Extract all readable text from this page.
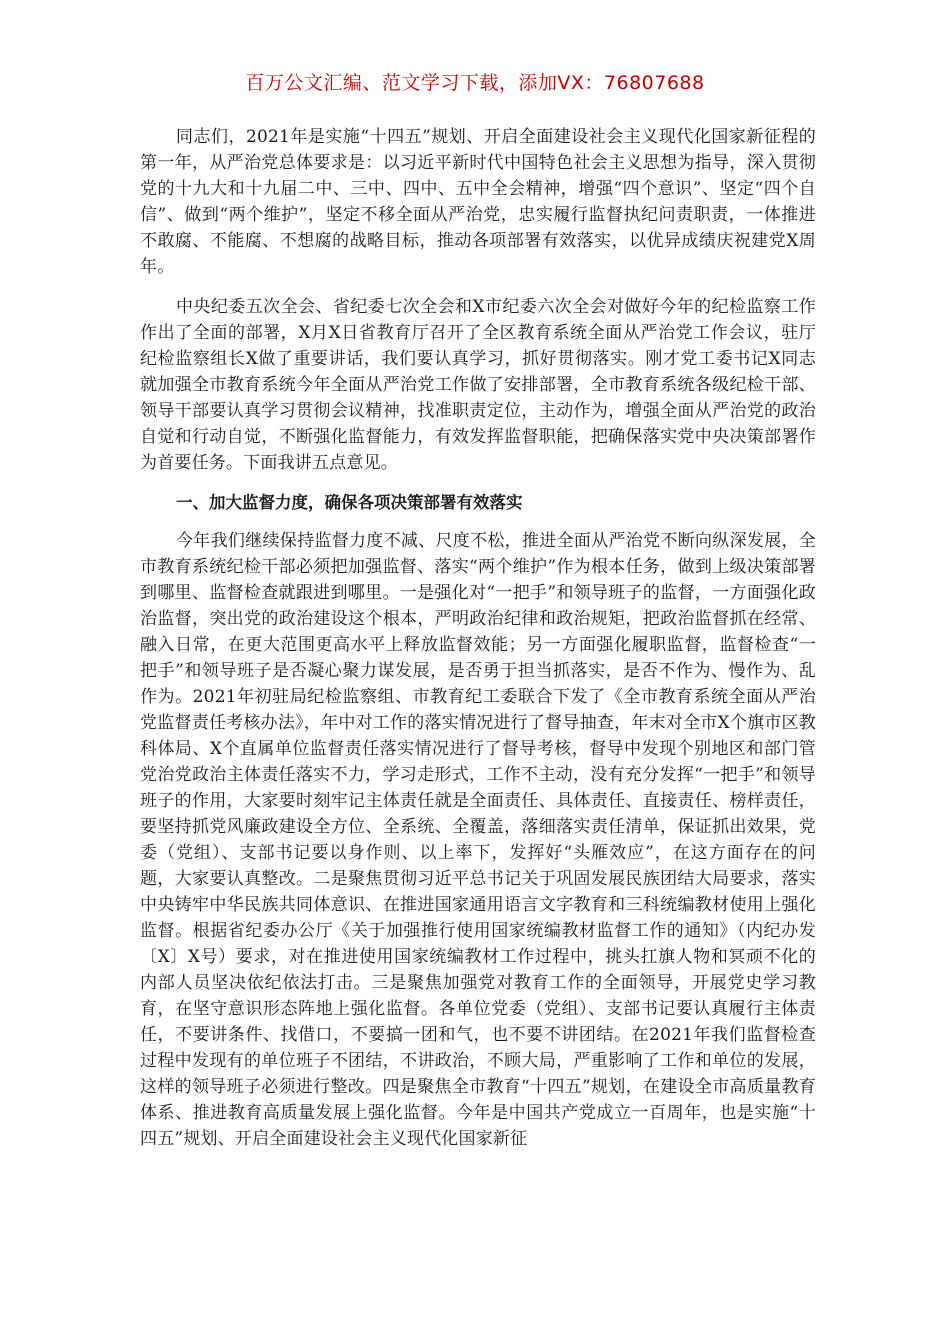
百万公文汇编、范文学习下载，添加VX：76807688

同志们，2021年是实施“十四五”规划、开启全面建设社会主义现代化国家新征程的第一年，从严治党总体要求是：以习近平新时代中国特色社会主义思想为指导，深入贯彻党的十九大和十九届二中、三中、四中、五中全会精神，增强“四个意识”、坚定“四个自信”、做到“两个维护”，坚定不移全面从严治党，忠实履行监督执纪问责职责，一体推进不敢腐、不能腐、不想腐的战略目标，推动各项部署有效落实，以优异成绩庆祝建党X周年。

中央纪委五次全会、省纪委七次全会和X市纪委六次全会对做好今年的纪检监察工作作出了全面的部署，X月X日省教育厅召开了全区教育系统全面从严治党工作会议，驻厅纪检监察组长X做了重要讲话，我们要认真学习，抓好贯彻落实。刚才党工委书记X同志就加强全市教育系统今年全面从严治党工作做了安排部署，全市教育系统各级纪检干部、领导干部要认真学习贯彻会议精神，找准职责定位，主动作为，增强全面从严治党的政治自觉和行动自觉，不断强化监督能力，有效发挥监督职能，把确保落实党中央决策部署作为首要任务。下面我讲五点意见。

一、加大监督力度，确保各项决策部署有效落实

今年我们继续保持监督力度不减、尺度不松，推进全面从严治党不断向纵深发展，全市教育系统纪检干部必须把加强监督、落实“两个维护”作为根本任务，做到上级决策部署到哪里、监督检查就跟进到哪里。一是强化对“一把手”和领导班子的监督，一方面强化政治监督，突出党的政治建设这个根本，严明政治纪律和政治规矩，把政治监督抓在经常、融入日常，在更大范围更高水平上释放监督效能；另一方面强化履职监督，监督检查“一把手”和领导班子是否凝心聚力谋发展，是否勇于担当抓落实，是否不作为、慢作为、乱作为。2021年初驻局纪检监察组、市教育纪工委联合下发了《全市教育系统全面从严治党监督责任考核办法》，年中对工作的落实情况进行了督导抽查，年末对全市X个旗市区教科体局、X个直属单位监督责任落实情况进行了督导考核，督导中发现个别地区和部门管党治党政治主体责任落实不力，学习走形式，工作不主动，没有充分发挥“一把手”和领导班子的作用，大家要时刻牢记主体责任就是全面责任、具体责任、直接责任、榜样责任，要坚持抓党风廉政建设全方位、全系统、全覆盖，落细落实责任清单，保证抓出效果，党委（党组）、支部书记要以身作则、以上率下，发挥好“头雁效应”，在这方面存在的问题，大家要认真整改。二是聚焦贯彻习近平总书记关于巩固发展民族团结大局要求，落实中央铸牢中华民族共同体意识、在推进国家通用语言文字教育和三科统编教材使用上强化监督。根据省纪委办公厅《关于加强推行使用国家统编教材监督工作的通知》（内纪办发〔X〕X号）要求，对在推进使用国家统编教材工作过程中，挑头扛旗人物和冥顽不化的内部人员坚决依纪依法打击。三是聚焦加强党对教育工作的全面领导，开展党史学习教育，在坚守意识形态阵地上强化监督。各单位党委（党组）、支部书记要认真履行主体责任，不要讲条件、找借口，不要搞一团和气，也不要不讲团结。在2021年我们监督检查过程中发现有的单位班子不团结，不讲政治，不顾大局，严重影响了工作和单位的发展，这样的领导班子必须进行整改。四是聚焦全市教育“十四五”规划，在建设全市高质量教育体系、推进教育高质量发展上强化监督。今年是中国共产党成立一百周年，也是实施“十四五”规划、开启全面建设社会主义现代化国家新征
